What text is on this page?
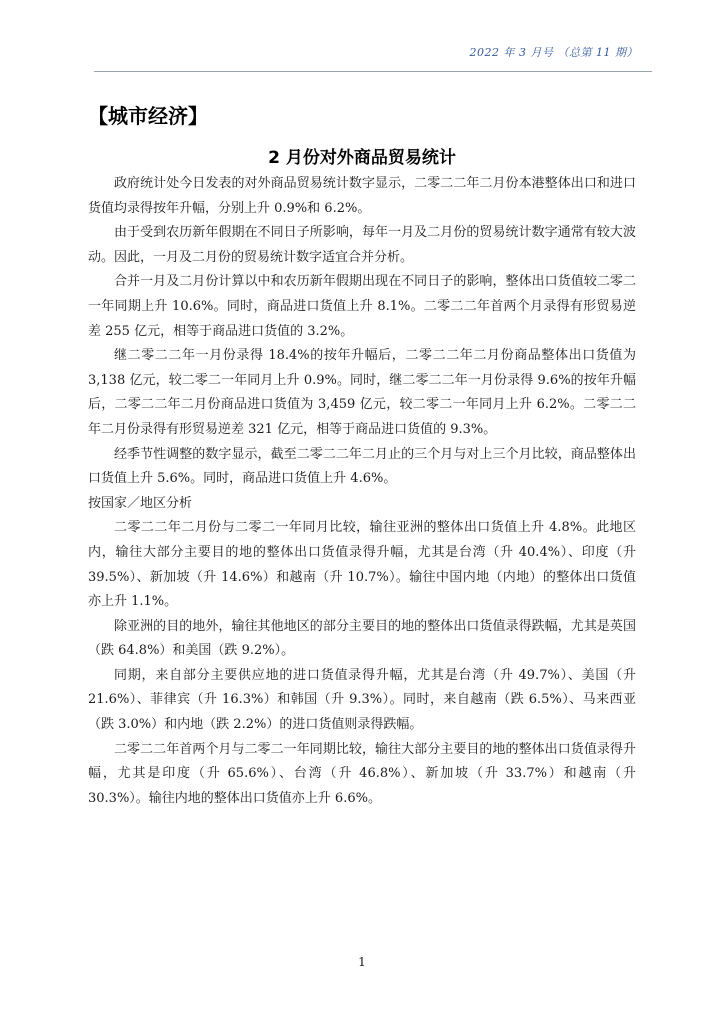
2022 年 3 月号 （总第 11 期）
【城市经济】
2 月份对外商品贸易统计

政府统计处今日发表的对外商品贸易统计数字显示，二零二二年二月份本港整体出口和进口货值均录得按年升幅，分别上升 0.9%和 6.2%。

由于受到农历新年假期在不同日子所影响，每年一月及二月份的贸易统计数字通常有较大波动。因此，一月及二月份的贸易统计数字适宜合并分析。

合并一月及二月份计算以中和农历新年假期出现在不同日子的影响，整体出口货值较二零二一年同期上升 10.6%。同时，商品进口货值上升 8.1%。二零二二年首两个月录得有形贸易逆差 255 亿元，相等于商品进口货值的 3.2%。

继二零二二年一月份录得 18.4%的按年升幅后，二零二二年二月份商品整体出口货值为 3,138 亿元，较二零二一年同月上升 0.9%。同时，继二零二二年一月份录得 9.6%的按年升幅后，二零二二年二月份商品进口货值为 3,459 亿元，较二零二一年同月上升 6.2%。二零二二年二月份录得有形贸易逆差 321 亿元，相等于商品进口货值的 9.3%。

经季节性调整的数字显示，截至二零二二年二月止的三个月与对上三个月比较，商品整体出口货值上升 5.6%。同时，商品进口货值上升 4.6%。

按国家／地区分析

二零二二年二月份与二零二一年同月比较，输往亚洲的整体出口货值上升 4.8%。此地区内，输往大部分主要目的地的整体出口货值录得升幅，尤其是台湾（升 40.4%）、印度（升 39.5%）、新加坡（升 14.6%）和越南（升 10.7%）。输往中国内地（内地）的整体出口货值亦上升 1.1%。

除亚洲的目的地外，输往其他地区的部分主要目的地的整体出口货值录得跌幅，尤其是英国（跌 64.8%）和美国（跌 9.2%）。

同期，来自部分主要供应地的进口货值录得升幅，尤其是台湾（升 49.7%）、美国（升 21.6%）、菲律宾（升 16.3%）和韩国（升 9.3%）。同时，来自越南（跌 6.5%）、马来西亚（跌 3.0%）和内地（跌 2.2%）的进口货值则录得跌幅。

二零二二年首两个月与二零二一年同期比较，输往大部分主要目的地的整体出口货值录得升幅，尤其是印度（升 65.6%）、台湾（升 46.8%）、新加坡（升 33.7%）和越南（升 30.3%）。输往内地的整体出口货值亦上升 6.6%。

1
